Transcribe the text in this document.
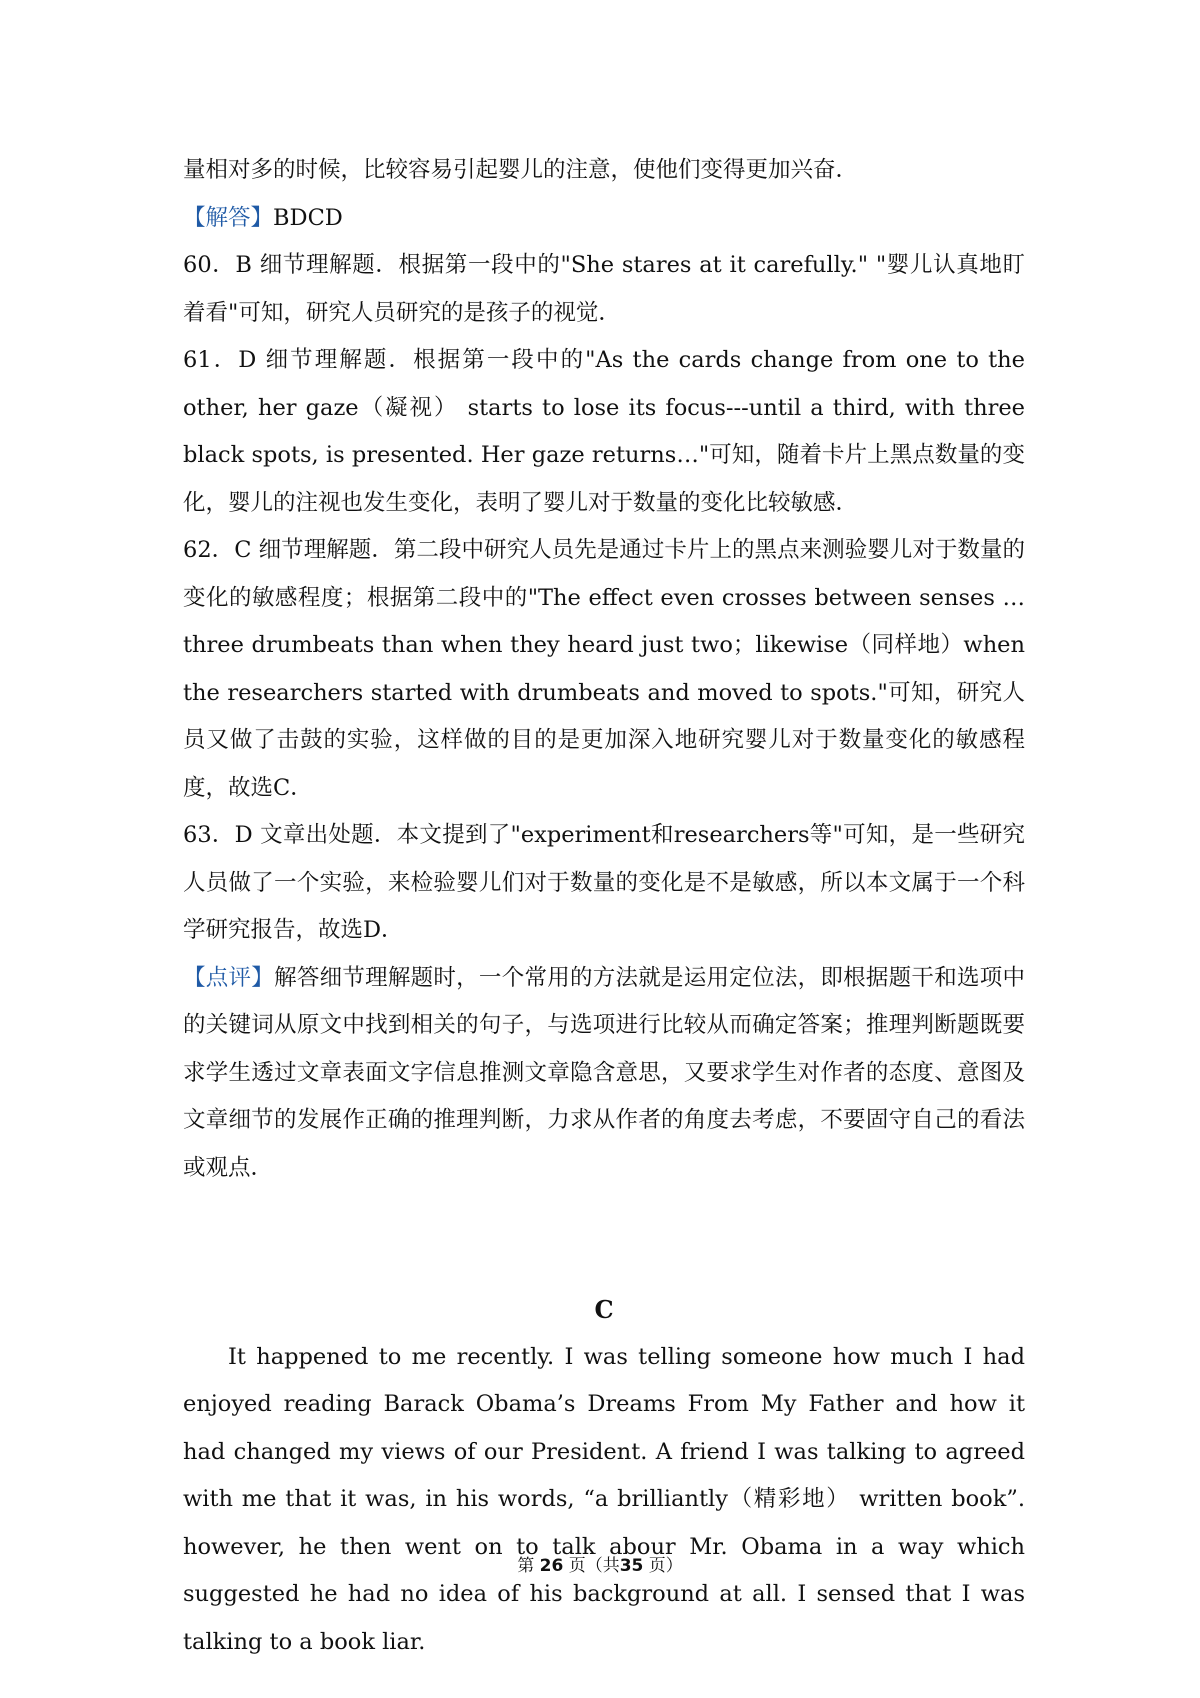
量相对多的时候，比较容易引起婴儿的注意，使他们变得更加兴奋．

【解答】BDCD

60．B 细节理解题．根据第一段中的"She stares at it carefully." "婴儿认真地盯着看"可知，研究人员研究的是孩子的视觉．

61．D 细节理解题．根据第一段中的"As the cards change from one to the other, her gaze（凝视） starts to lose its focus---until a third, with three black spots, is presented. Her gaze returns…"可知，随着卡片上黑点数量的变化，婴儿的注视也发生变化，表明了婴儿对于数量的变化比较敏感．

62．C 细节理解题．第二段中研究人员先是通过卡片上的黑点来测验婴儿对于数量的变化的敏感程度；根据第二段中的"The effect even crosses between senses … three drumbeats than when they heard just two；likewise（同样地）when the researchers started with drumbeats and moved to spots."可知，研究人员又做了击鼓的实验，这样做的目的是更加深入地研究婴儿对于数量变化的敏感程度，故选C．

63．D 文章出处题．本文提到了"experiment和researchers等"可知，是一些研究人员做了一个实验，来检验婴儿们对于数量的变化是不是敏感，所以本文属于一个科学研究报告，故选D．

【点评】解答细节理解题时，一个常用的方法就是运用定位法，即根据题干和选项中的关键词从原文中找到相关的句子，与选项进行比较从而确定答案；推理判断题既要求学生透过文章表面文字信息推测文章隐含意思，又要求学生对作者的态度、意图及文章细节的发展作正确的推理判断，力求从作者的角度去考虑，不要固守自己的看法或观点．

C

It happened to me recently. I was telling someone how much I had enjoyed reading Barack Obama’s Dreams From My Father and how it had changed my views of our President. A friend I was talking to agreed with me that it was, in his words, “a brilliantly（精彩地） written book”. however, he then went on to talk abour Mr. Obama in a way which suggested he had no idea of his background at all. I sensed that I was talking to a book liar.

第 26 页（共35 页）
